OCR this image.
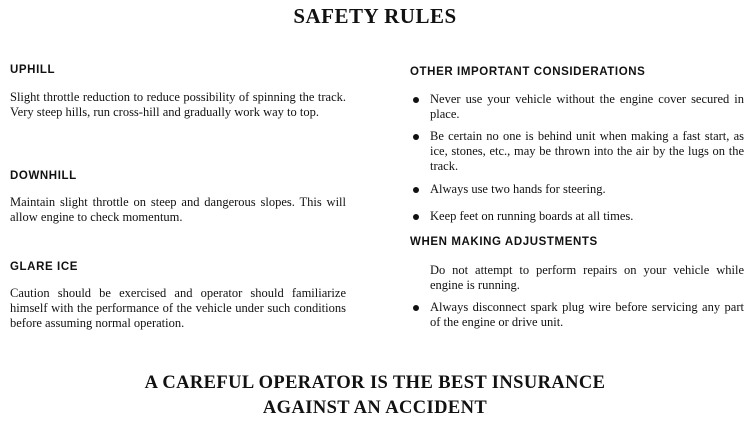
SAFETY RULES

UPHILL

Slight throttle reduction to reduce possibility of spinning the track. Very steep hills, run cross-hill and gradually work way to top.

DOWNHILL

Maintain slight throttle on steep and dangerous slopes. This will allow engine to check momentum.

GLARE ICE

Caution should be exercised and operator should familiarize himself with the performance of the vehicle under such conditions before assuming normal operation.

OTHER IMPORTANT CONSIDERATIONS

Never use your vehicle without the engine cover secured in place.
Be certain no one is behind unit when making a fast start, as ice, stones, etc., may be thrown into the air by the lugs on the track.
Always use two hands for steering.
Keep feet on running boards at all times.

WHEN MAKING ADJUSTMENTS

Do not attempt to perform repairs on your vehicle while engine is running.
Always disconnect spark plug wire before servicing any part of the engine or drive unit.
A CAREFUL OPERATOR IS THE BEST INSURANCE
AGAINST AN ACCIDENT
